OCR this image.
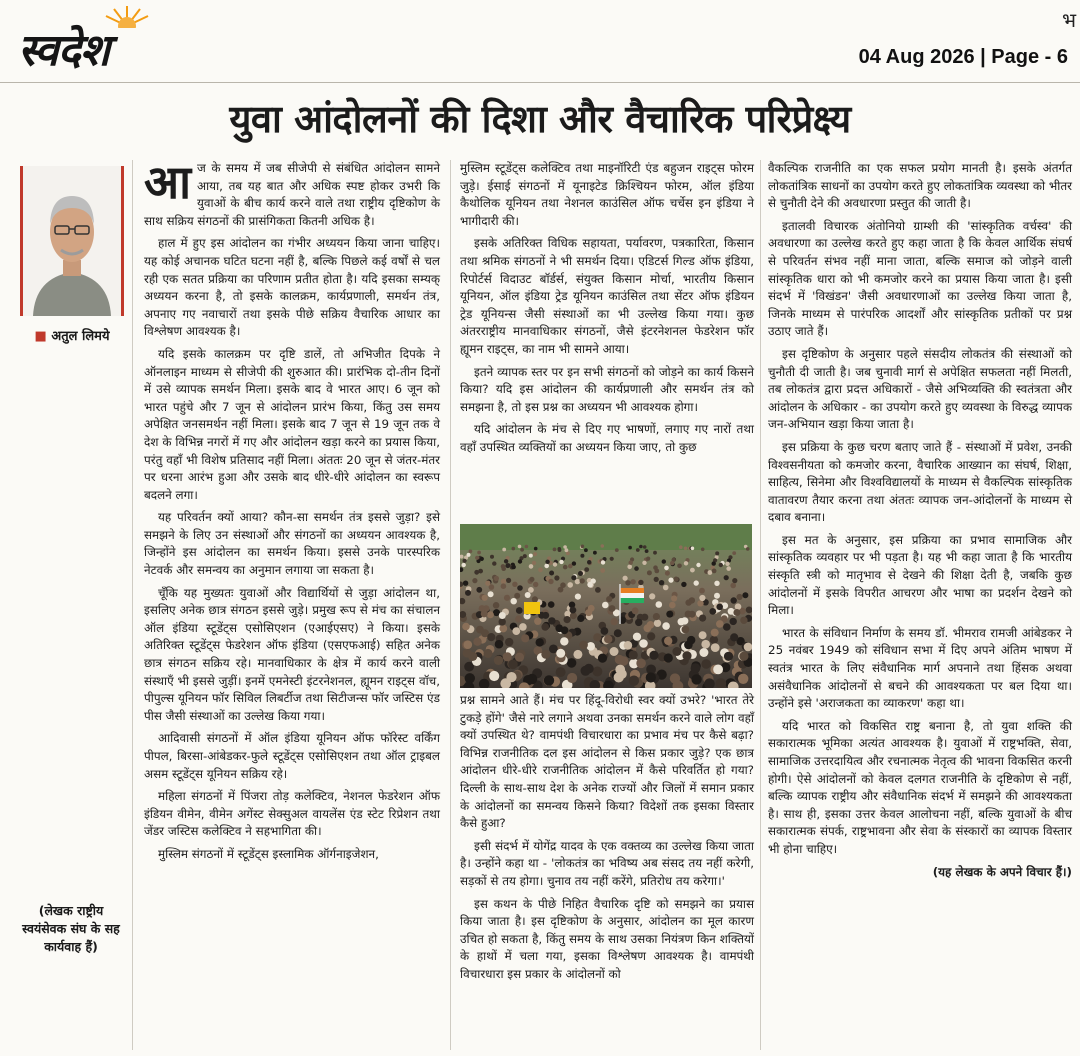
स्वदेश
भ
04 Aug 2026 | Page - 6
युवा आंदोलनों की दिशा और वैचारिक परिप्रेक्ष्य
■ अतुल लिमये
(लेखक राष्ट्रीय स्वयंसेवक संघ के सह कार्यवाह हैं)

आज के समय में जब सीजेपी से संबंधित आंदोलन सामने आया, तब यह बात और अधिक स्पष्ट होकर उभरी कि युवाओं के बीच कार्य करने वाले तथा राष्ट्रीय दृष्टिकोण के साथ सक्रिय संगठनों की प्रासंगिकता कितनी अधिक है।

हाल में हुए इस आंदोलन का गंभीर अध्ययन किया जाना चाहिए। यह कोई अचानक घटित घटना नहीं है, बल्कि पिछले कई वर्षों से चल रही एक सतत प्रक्रिया का परिणाम प्रतीत होता है। यदि इसका सम्यक् अध्ययन करना है, तो इसके कालक्रम, कार्यप्रणाली, समर्थन तंत्र, अपनाए गए नवाचारों तथा इसके पीछे सक्रिय वैचारिक आधार का विश्लेषण आवश्यक है।

यदि इसके कालक्रम पर दृष्टि डालें, तो अभिजीत दिपके ने ऑनलाइन माध्यम से सीजेपी की शुरुआत की। प्रारंभिक दो-तीन दिनों में उसे व्यापक समर्थन मिला। इसके बाद वे भारत आए। 6 जून को भारत पहुंचे और 7 जून से आंदोलन प्रारंभ किया, किंतु उस समय अपेक्षित जनसमर्थन नहीं मिला। इसके बाद 7 जून से 19 जून तक वे देश के विभिन्न नगरों में गए और आंदोलन खड़ा करने का प्रयास किया, परंतु वहाँ भी विशेष प्रतिसाद नहीं मिला। अंततः 20 जून से जंतर-मंतर पर धरना आरंभ हुआ और उसके बाद धीरे-धीरे आंदोलन का स्वरूप बदलने लगा।

यह परिवर्तन क्यों आया? कौन-सा समर्थन तंत्र इससे जुड़ा? इसे समझने के लिए उन संस्थाओं और संगठनों का अध्ययन आवश्यक है, जिन्होंने इस आंदोलन का समर्थन किया। इससे उनके पारस्परिक नेटवर्क और समन्वय का अनुमान लगाया जा सकता है।

चूँकि यह मुख्यतः युवाओं और विद्यार्थियों से जुड़ा आंदोलन था, इसलिए अनेक छात्र संगठन इससे जुड़े। प्रमुख रूप से मंच का संचालन ऑल इंडिया स्टूडेंट्स एसोसिएशन (एआईएसए) ने किया। इसके अतिरिक्त स्टूडेंट्स फेडरेशन ऑफ इंडिया (एसएफआई) सहित अनेक छात्र संगठन सक्रिय रहे। मानवाधिकार के क्षेत्र में कार्य करने वाली संस्थाएँ भी इससे जुड़ीं। इनमें एमनेस्टी इंटरनेशनल, ह्यूमन राइट्स वॉच, पीपुल्स यूनियन फॉर सिविल लिबर्टीज तथा सिटीजन्स फॉर जस्टिस एंड पीस जैसी संस्थाओं का उल्लेख किया गया।

आदिवासी संगठनों में ऑल इंडिया यूनियन ऑफ फॉरेस्ट वर्किंग पीपल, बिरसा-आंबेडकर-फुले स्टूडेंट्स एसोसिएशन तथा ऑल ट्राइबल असम स्टूडेंट्स यूनियन सक्रिय रहे।

महिला संगठनों में पिंजरा तोड़ कलेक्टिव, नेशनल फेडरेशन ऑफ इंडियन वीमेन, वीमेन अगेंस्ट सेक्सुअल वायलेंस एंड स्टेट रिप्रेशन तथा जेंडर जस्टिस कलेक्टिव ने सहभागिता की।

मुस्लिम संगठनों में स्टूडेंट्स इस्लामिक ऑर्गनाइजेशन,

मुस्लिम स्टूडेंट्स कलेक्टिव तथा माइनॉरिटी एंड बहुजन राइट्स फोरम जुड़े। ईसाई संगठनों में यूनाइटेड क्रिश्चियन फोरम, ऑल इंडिया कैथोलिक यूनियन तथा नेशनल काउंसिल ऑफ चर्चेस इन इंडिया ने भागीदारी की।

इसके अतिरिक्त विधिक सहायता, पर्यावरण, पत्रकारिता, किसान तथा श्रमिक संगठनों ने भी समर्थन दिया। एडिटर्स गिल्ड ऑफ इंडिया, रिपोर्टर्स विदाउट बॉर्डर्स, संयुक्त किसान मोर्चा, भारतीय किसान यूनियन, ऑल इंडिया ट्रेड यूनियन काउंसिल तथा सेंटर ऑफ इंडियन ट्रेड यूनियन्स जैसी संस्थाओं का भी उल्लेख किया गया। कुछ अंतरराष्ट्रीय मानवाधिकार संगठनों, जैसे इंटरनेशनल फेडरेशन फॉर ह्यूमन राइट्स, का नाम भी सामने आया।

इतने व्यापक स्तर पर इन सभी संगठनों को जोड़ने का कार्य किसने किया? यदि इस आंदोलन की कार्यप्रणाली और समर्थन तंत्र को समझना है, तो इस प्रश्न का अध्ययन भी आवश्यक होगा।

यदि आंदोलन के मंच से दिए गए भाषणों, लगाए गए नारों तथा वहाँ उपस्थित व्यक्तियों का अध्ययन किया जाए, तो कुछ

प्रश्न सामने आते हैं। मंच पर हिंदू-विरोधी स्वर क्यों उभरे? 'भारत तेरे टुकड़े होंगे' जैसे नारे लगाने अथवा उनका समर्थन करने वाले लोग वहाँ क्यों उपस्थित थे? वामपंथी विचारधारा का प्रभाव मंच पर कैसे बढ़ा? विभिन्न राजनीतिक दल इस आंदोलन से किस प्रकार जुड़े? एक छात्र आंदोलन धीरे-धीरे राजनीतिक आंदोलन में कैसे परिवर्तित हो गया? दिल्ली के साथ-साथ देश के अनेक राज्यों और जिलों में समान प्रकार के आंदोलनों का समन्वय किसने किया? विदेशों तक इसका विस्तार कैसे हुआ?

इसी संदर्भ में योगेंद्र यादव के एक वक्तव्य का उल्लेख किया जाता है। उन्होंने कहा था - 'लोकतंत्र का भविष्य अब संसद तय नहीं करेगी, सड़कों से तय होगा। चुनाव तय नहीं करेंगे, प्रतिरोध तय करेगा।'

इस कथन के पीछे निहित वैचारिक दृष्टि को समझने का प्रयास किया जाता है। इस दृष्टिकोण के अनुसार, आंदोलन का मूल कारण उचित हो सकता है, किंतु समय के साथ उसका नियंत्रण किन शक्तियों के हाथों में चला गया, इसका विश्लेषण आवश्यक है। वामपंथी विचारधारा इस प्रकार के आंदोलनों को

वैकल्पिक राजनीति का एक सफल प्रयोग मानती है। इसके अंतर्गत लोकतांत्रिक साधनों का उपयोग करते हुए लोकतांत्रिक व्यवस्था को भीतर से चुनौती देने की अवधारणा प्रस्तुत की जाती है।

इतालवी विचारक अंतोनियो ग्राम्शी की 'सांस्कृतिक वर्चस्व' की अवधारणा का उल्लेख करते हुए कहा जाता है कि केवल आर्थिक संघर्ष से परिवर्तन संभव नहीं माना जाता, बल्कि समाज को जोड़ने वाली सांस्कृतिक धारा को भी कमजोर करने का प्रयास किया जाता है। इसी संदर्भ में 'विखंडन' जैसी अवधारणाओं का उल्लेख किया जाता है, जिनके माध्यम से पारंपरिक आदर्शों और सांस्कृतिक प्रतीकों पर प्रश्न उठाए जाते हैं।

इस दृष्टिकोण के अनुसार पहले संसदीय लोकतंत्र की संस्थाओं को चुनौती दी जाती है। जब चुनावी मार्ग से अपेक्षित सफलता नहीं मिलती, तब लोकतंत्र द्वारा प्रदत्त अधिकारों - जैसे अभिव्यक्ति की स्वतंत्रता और आंदोलन के अधिकार - का उपयोग करते हुए व्यवस्था के विरुद्ध व्यापक जन-अभियान खड़ा किया जाता है।

इस प्रक्रिया के कुछ चरण बताए जाते हैं - संस्थाओं में प्रवेश, उनकी विश्वसनीयता को कमजोर करना, वैचारिक आख्यान का संघर्ष, शिक्षा, साहित्य, सिनेमा और विश्वविद्यालयों के माध्यम से वैकल्पिक सांस्कृतिक वातावरण तैयार करना तथा अंततः व्यापक जन-आंदोलनों के माध्यम से दबाव बनाना।

इस मत के अनुसार, इस प्रक्रिया का प्रभाव सामाजिक और सांस्कृतिक व्यवहार पर भी पड़ता है। यह भी कहा जाता है कि भारतीय संस्कृति स्त्री को मातृभाव से देखने की शिक्षा देती है, जबकि कुछ आंदोलनों में इसके विपरीत आचरण और भाषा का प्रदर्शन देखने को मिला।

भारत के संविधान निर्माण के समय डॉ. भीमराव रामजी आंबेडकर ने 25 नवंबर 1949 को संविधान सभा में दिए अपने अंतिम भाषण में स्वतंत्र भारत के लिए संवैधानिक मार्ग अपनाने तथा हिंसक अथवा असंवैधानिक आंदोलनों से बचने की आवश्यकता पर बल दिया था। उन्होंने इसे 'अराजकता का व्याकरण' कहा था।

यदि भारत को विकसित राष्ट्र बनाना है, तो युवा शक्ति की सकारात्मक भूमिका अत्यंत आवश्यक है। युवाओं में राष्ट्रभक्ति, सेवा, सामाजिक उत्तरदायित्व और रचनात्मक नेतृत्व की भावना विकसित करनी होगी। ऐसे आंदोलनों को केवल दलगत राजनीति के दृष्टिकोण से नहीं, बल्कि व्यापक राष्ट्रीय और संवैधानिक संदर्भ में समझने की आवश्यकता है। साथ ही, इसका उत्तर केवल आलोचना नहीं, बल्कि युवाओं के बीच सकारात्मक संपर्क, राष्ट्रभावना और सेवा के संस्कारों का व्यापक विस्तार भी होना चाहिए।

(यह लेखक के अपने विचार हैं।)
